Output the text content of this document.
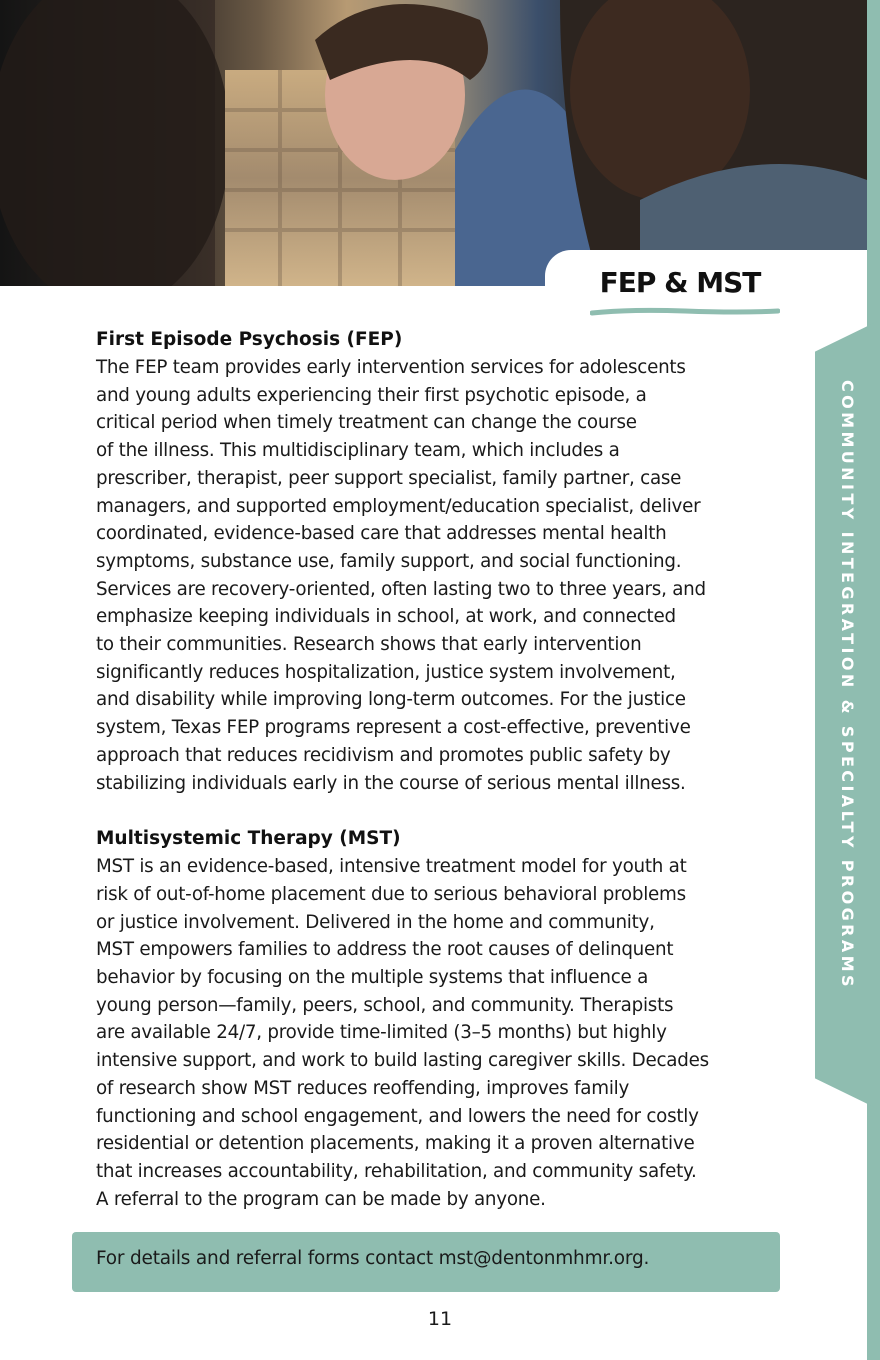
FEP & MST
COMMUNITY INTEGRATION & SPECIALTY PROGRAMS
First Episode Psychosis (FEP)

The FEP team provides early intervention services for adolescents
and young adults experiencing their first psychotic episode, a
critical period when timely treatment can change the course
of the illness. This multidisciplinary team, which includes a
prescriber, therapist, peer support specialist, family partner, case
managers, and supported employment/education specialist, deliver
coordinated, evidence-based care that addresses mental health
symptoms, substance use, family support, and social functioning.
Services are recovery-oriented, often lasting two to three years, and
emphasize keeping individuals in school, at work, and connected
to their communities. Research shows that early intervention
significantly reduces hospitalization, justice system involvement,
and disability while improving long-term outcomes. For the justice
system, Texas FEP programs represent a cost-effective, preventive
approach that reduces recidivism and promotes public safety by
stabilizing individuals early in the course of serious mental illness.

Multisystemic Therapy (MST)

MST is an evidence-based, intensive treatment model for youth at
risk of out-of-home placement due to serious behavioral problems
or justice involvement. Delivered in the home and community,
MST empowers families to address the root causes of delinquent
behavior by focusing on the multiple systems that influence a
young person—family, peers, school, and community. Therapists
are available 24/7, provide time-limited (3–5 months) but highly
intensive support, and work to build lasting caregiver skills. Decades
of research show MST reduces reoffending, improves family
functioning and school engagement, and lowers the need for costly
residential or detention placements, making it a proven alternative
that increases accountability, rehabilitation, and community safety.
A referral to the program can be made by anyone.

For details and referral forms contact mst@dentonmhmr.org.
11
